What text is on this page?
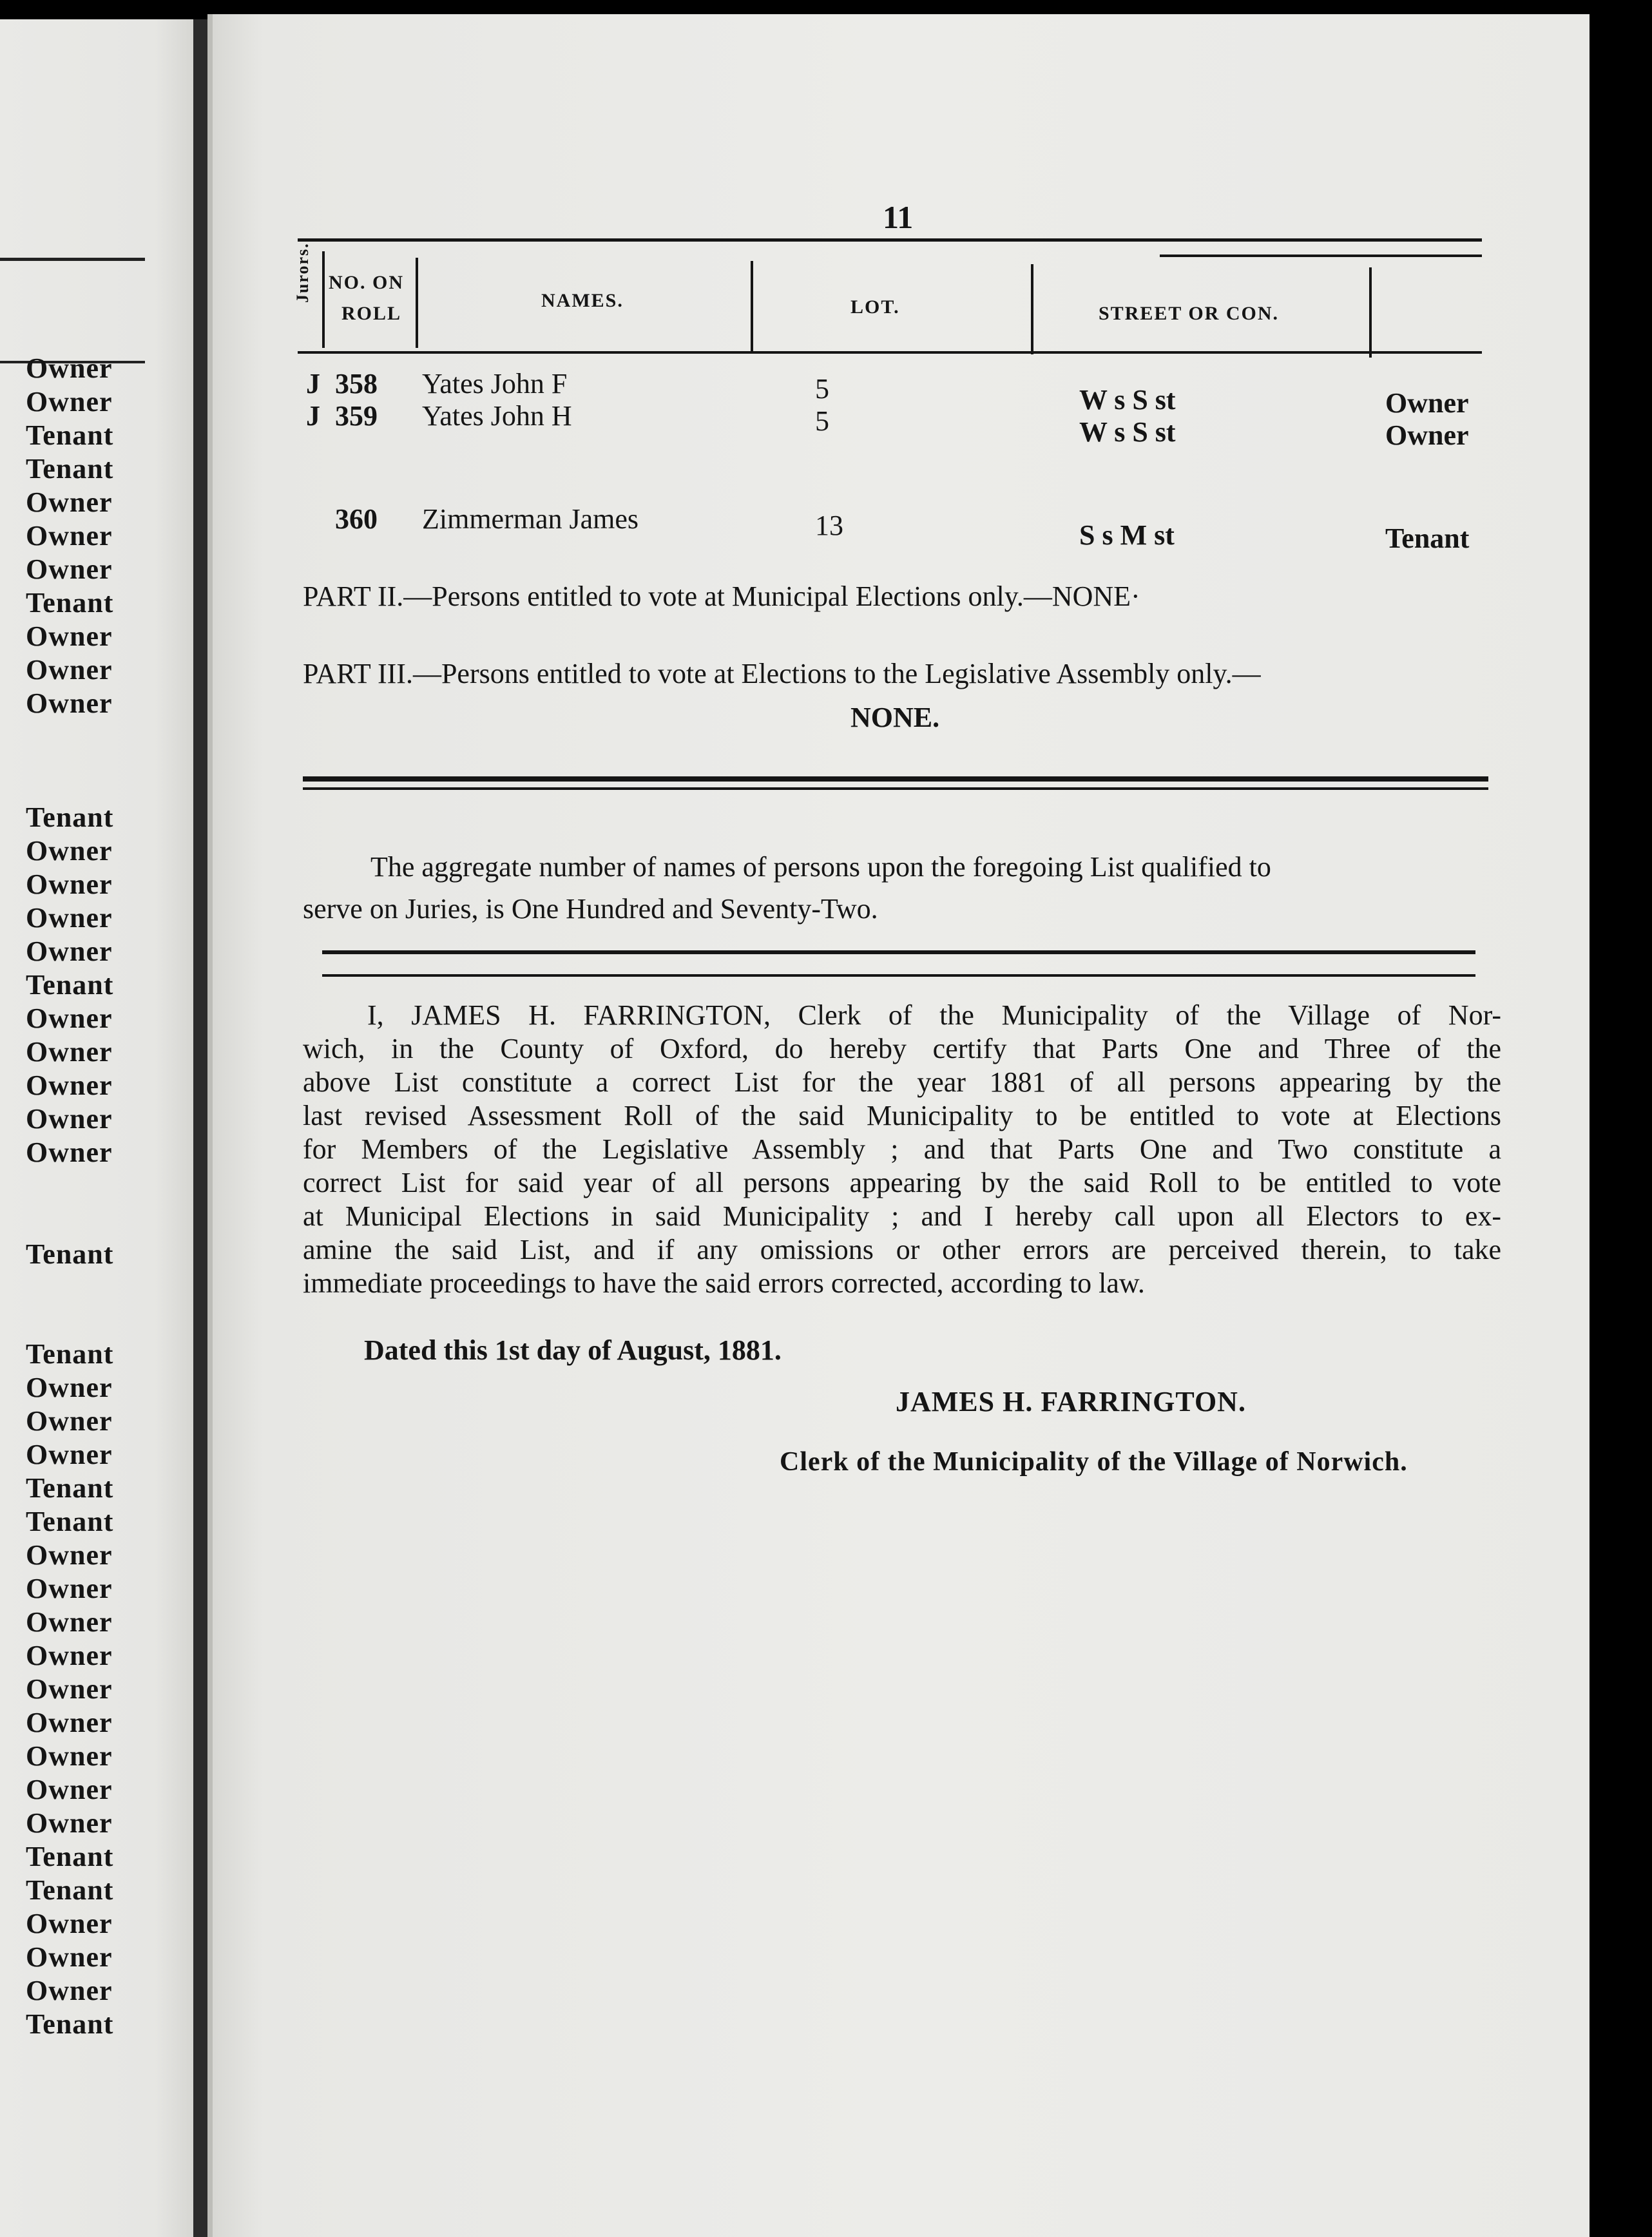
Owner
Owner
Tenant
Tenant
Owner
Owner
Owner
Tenant
Owner
Owner
Owner
Tenant
Owner
Owner
Owner
Owner
Tenant
Owner
Owner
Owner
Owner
Owner
Tenant
Tenant
Owner
Owner
Owner
Tenant
Tenant
Owner
Owner
Owner
Owner
Owner
Owner
Owner
Owner
Owner
Tenant
Tenant
Owner
Owner
Owner
Tenant
11
Jurors. NO. ON
ROLL
NAMES.	LOT.	STREET OR CON.
J 358 Yates John F	5	W s S st	Owner
J 359 Yates John H	5	W s S st	Owner
360 Zimmerman James	13	S s M st	Tenant
PART II.—Persons entitled to vote at Municipal Elections only.—NONE·
PART III.—Persons entitled to vote at Elections to the Legislative Assembly only.—
NONE.
The aggregate number of names of persons upon the foregoing List qualified to
serve on Juries, is One Hundred and Seventy-Two.
I, JAMES H. FARRINGTON, Clerk of the Municipality of the Village of Nor-
wich, in the County of Oxford, do hereby certify that Parts One and Three of the
above List constitute a correct List for the year 1881 of all persons appearing by the
last revised Assessment Roll of the said Municipality to be entitled to vote at Elections
for Members of the Legislative Assembly ; and that Parts One and Two constitute a
correct List for said year of all persons appearing by the said Roll to be entitled to vote
at Municipal Elections in said Municipality ; and I hereby call upon all Electors to ex-
amine the said List, and if any omissions or other errors are perceived therein, to take
immediate proceedings to have the said errors corrected, according to law.
Dated this 1st day of August, 1881.
JAMES H. FARRINGTON.
Clerk of the Municipality of the Village of Norwich.
